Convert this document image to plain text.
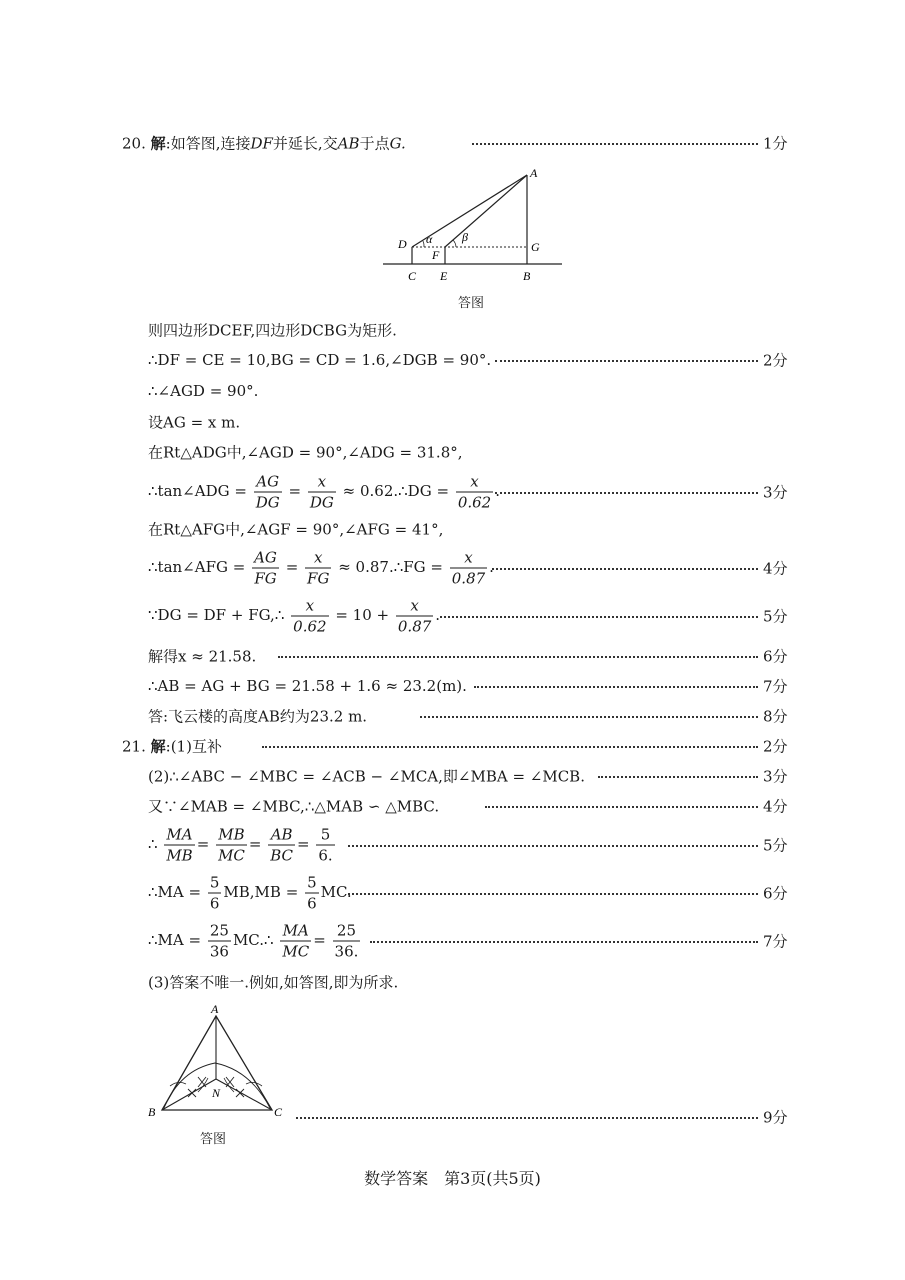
20. 解:如答图,连接DF并延长,交AB于点G.	1分
A
D
F
G
C E	B
α β
答图
则四边形DCEF,四边形DCBG为矩形.
∴DF = CE = 10,BG = CD = 1.6,∠DGB = 90°.	2分
∴∠AGD = 90°.
设AG = x m.
在Rt△ADG中,∠AGD = 90°,∠ADG = 31.8°,
∴tan∠ADG = $\frac{AG}{DG} = \frac{x}{DG}$ ≈ 0.62.∴DG = $\frac{x}{0.62}$ .	3分
在Rt△AFG中,∠AGF = 90°,∠AFG = 41°,
∴tan∠AFG = $\frac{AG}{FG} = \frac{x}{FG}$ ≈ 0.87.∴FG = $\frac{x}{0.87}$ .	4分
∵DG = DF + FG,∴ $\frac{x}{0.62} = 10 + \frac{x}{0.87}$ .	5分
解得x ≈ 21.58.	6分
∴AB = AG + BG = 21.58 + 1.6 ≈ 23.2(m).	7分
答:飞云楼的高度AB约为23.2 m.	8分
21. 解:(1)互补	2分
(2)∴∠ABC − ∠MBC = ∠ACB − ∠MCA,即∠MBA = ∠MCB.	3分
又∵∠MAB = ∠MBC,∴△MAB ∽ △MBC.	4分
∴ $\frac{MA}{MB} = \frac{MB}{MC} = \frac{AB}{BC} = \frac{5}{6.}$	5分
∴MA = $\frac{5}{6} MB,MB = \frac{5}{6}$ MC.	6分
∴MA = $\frac{25}{36}$ MC.∴ $\frac{MA}{MC} = \frac{25}{36.}$	7分
(3)答案不唯一.例如,如答图,即为所求.
A
B	C
N
答图
9分
数学答案　第3页(共5页)
